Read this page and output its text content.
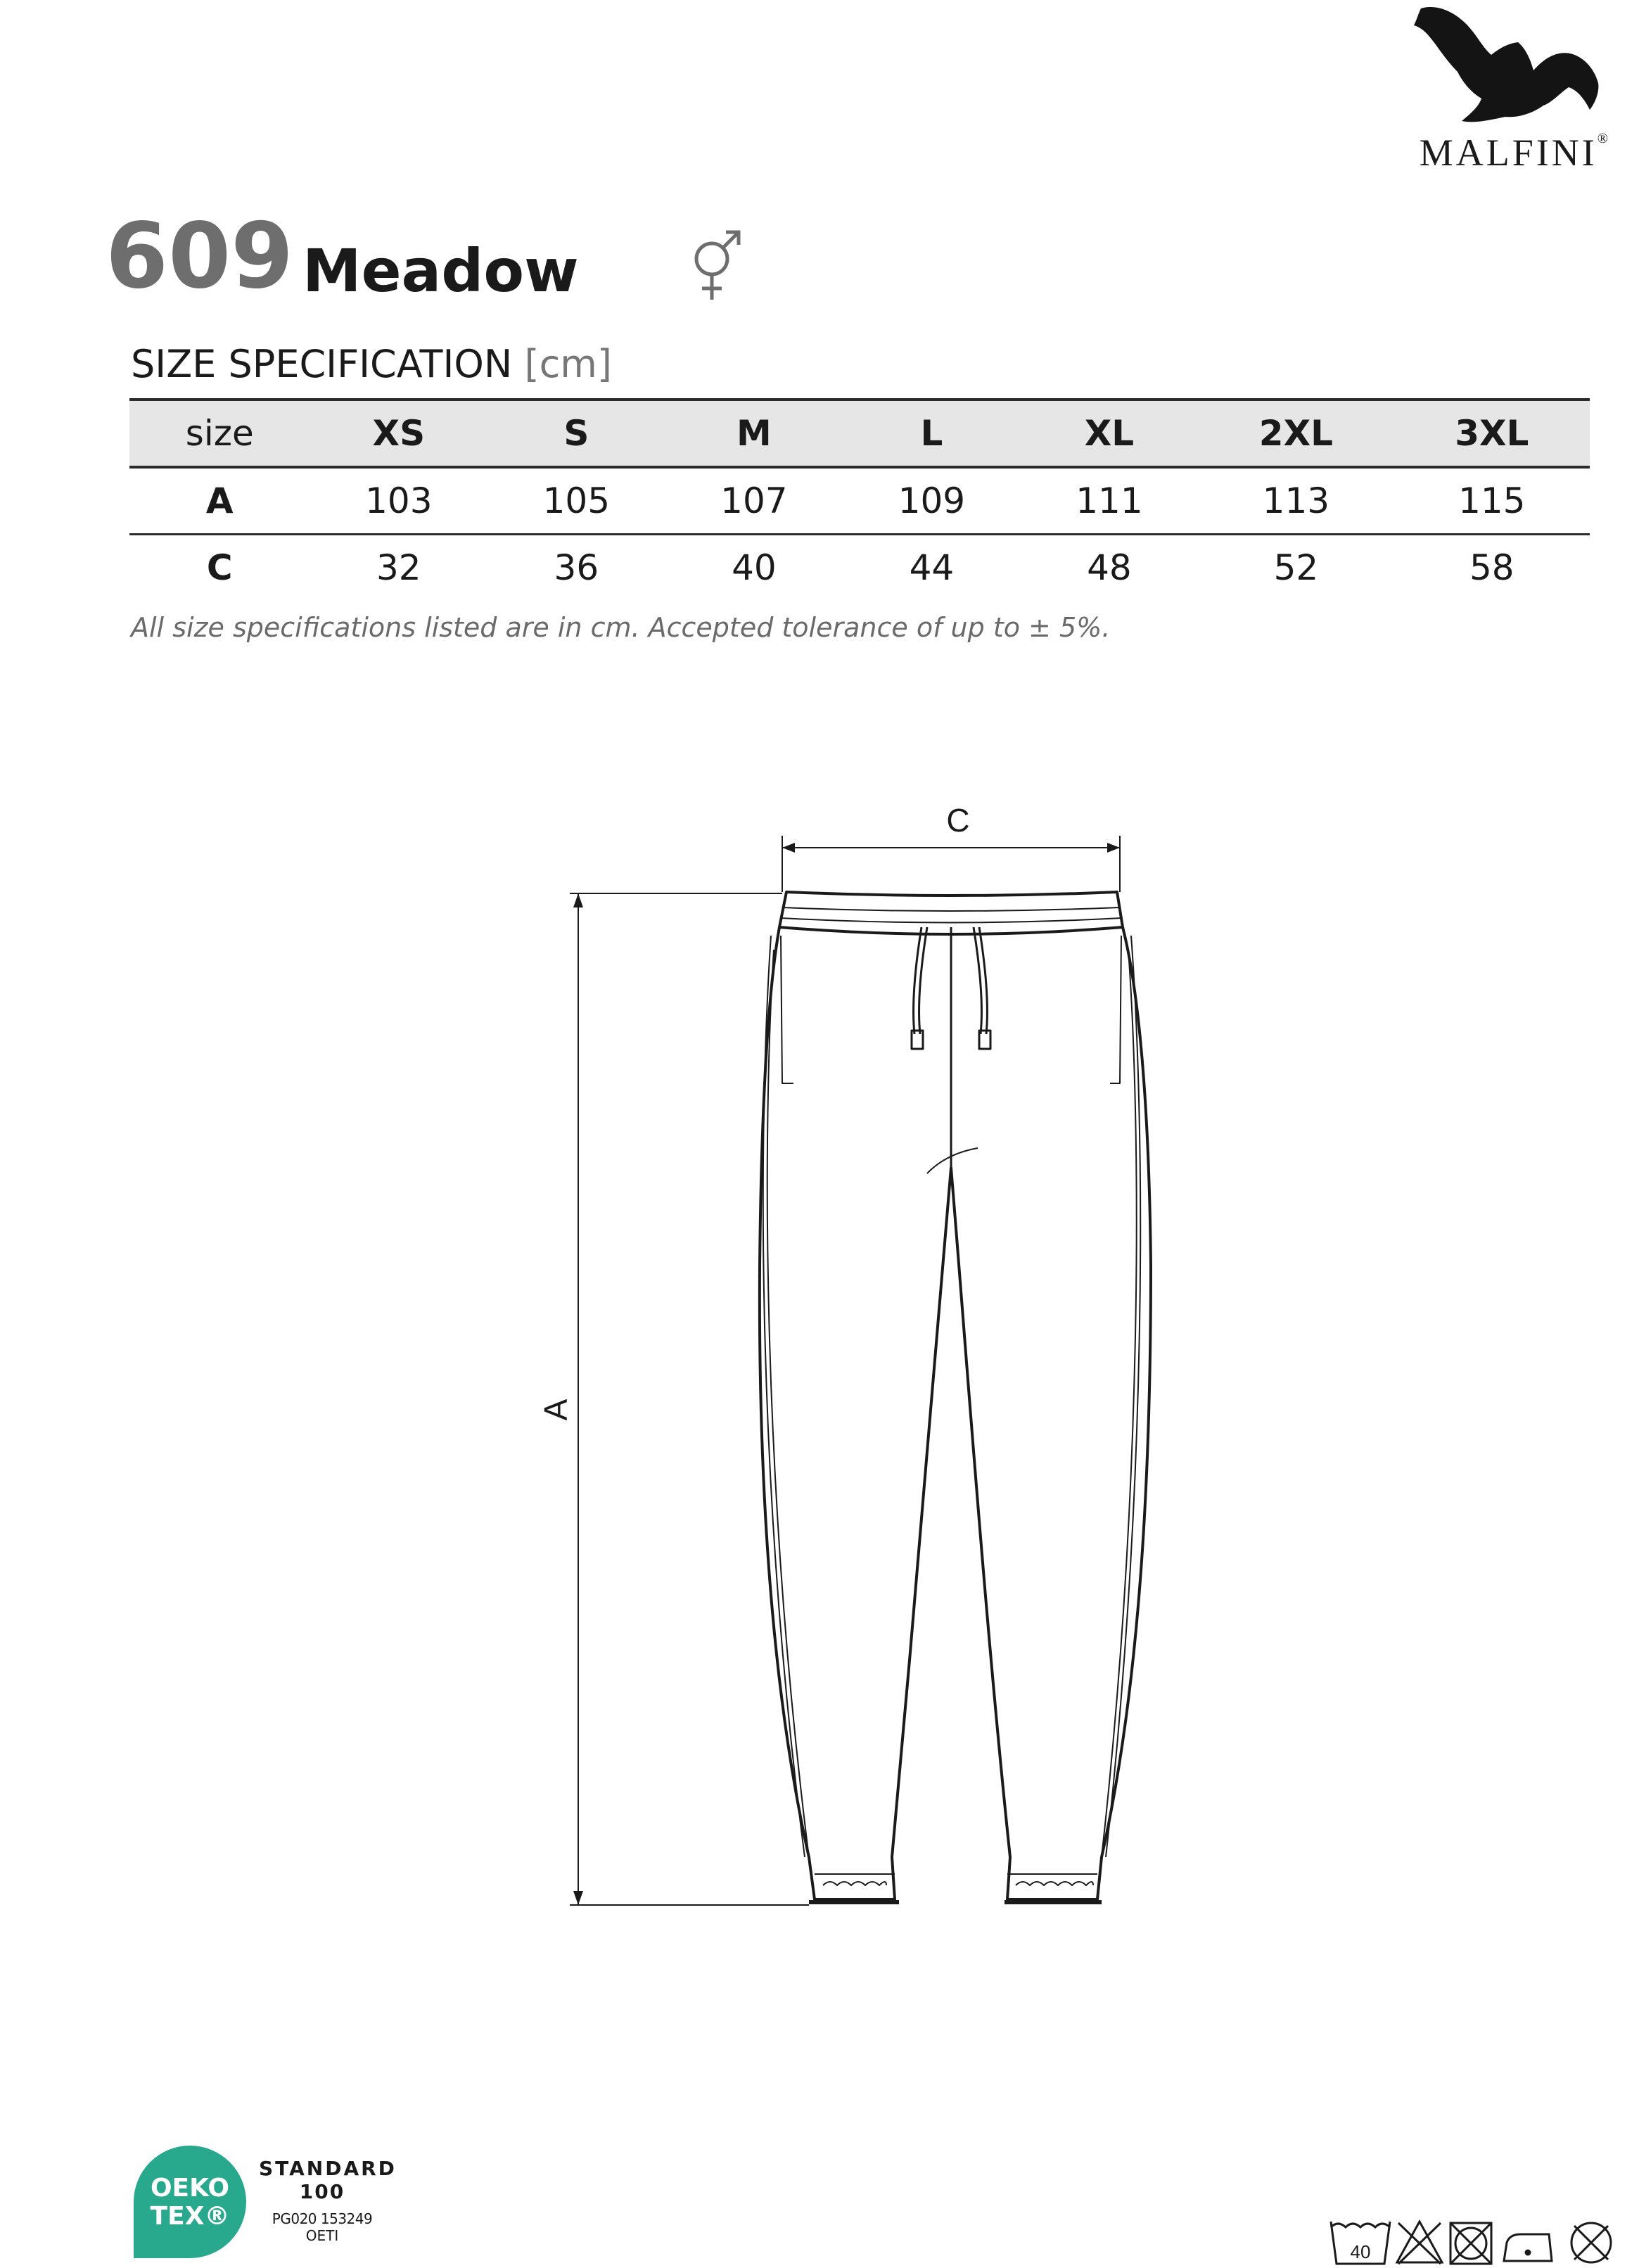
MALFINI®
609 Meadow
SIZE SPECIFICATION [cm]
size	XS	S	M	L	XL	2XL	3XL
A	103	105	107	109	111	113	115
C	32	36	40	44	48	52	58
All size specifications listed are in cm. Accepted tolerance of up to ± 5%.
C
A
OEKO
TEX®
STANDARD
100
PG020 153249
OETI
40
